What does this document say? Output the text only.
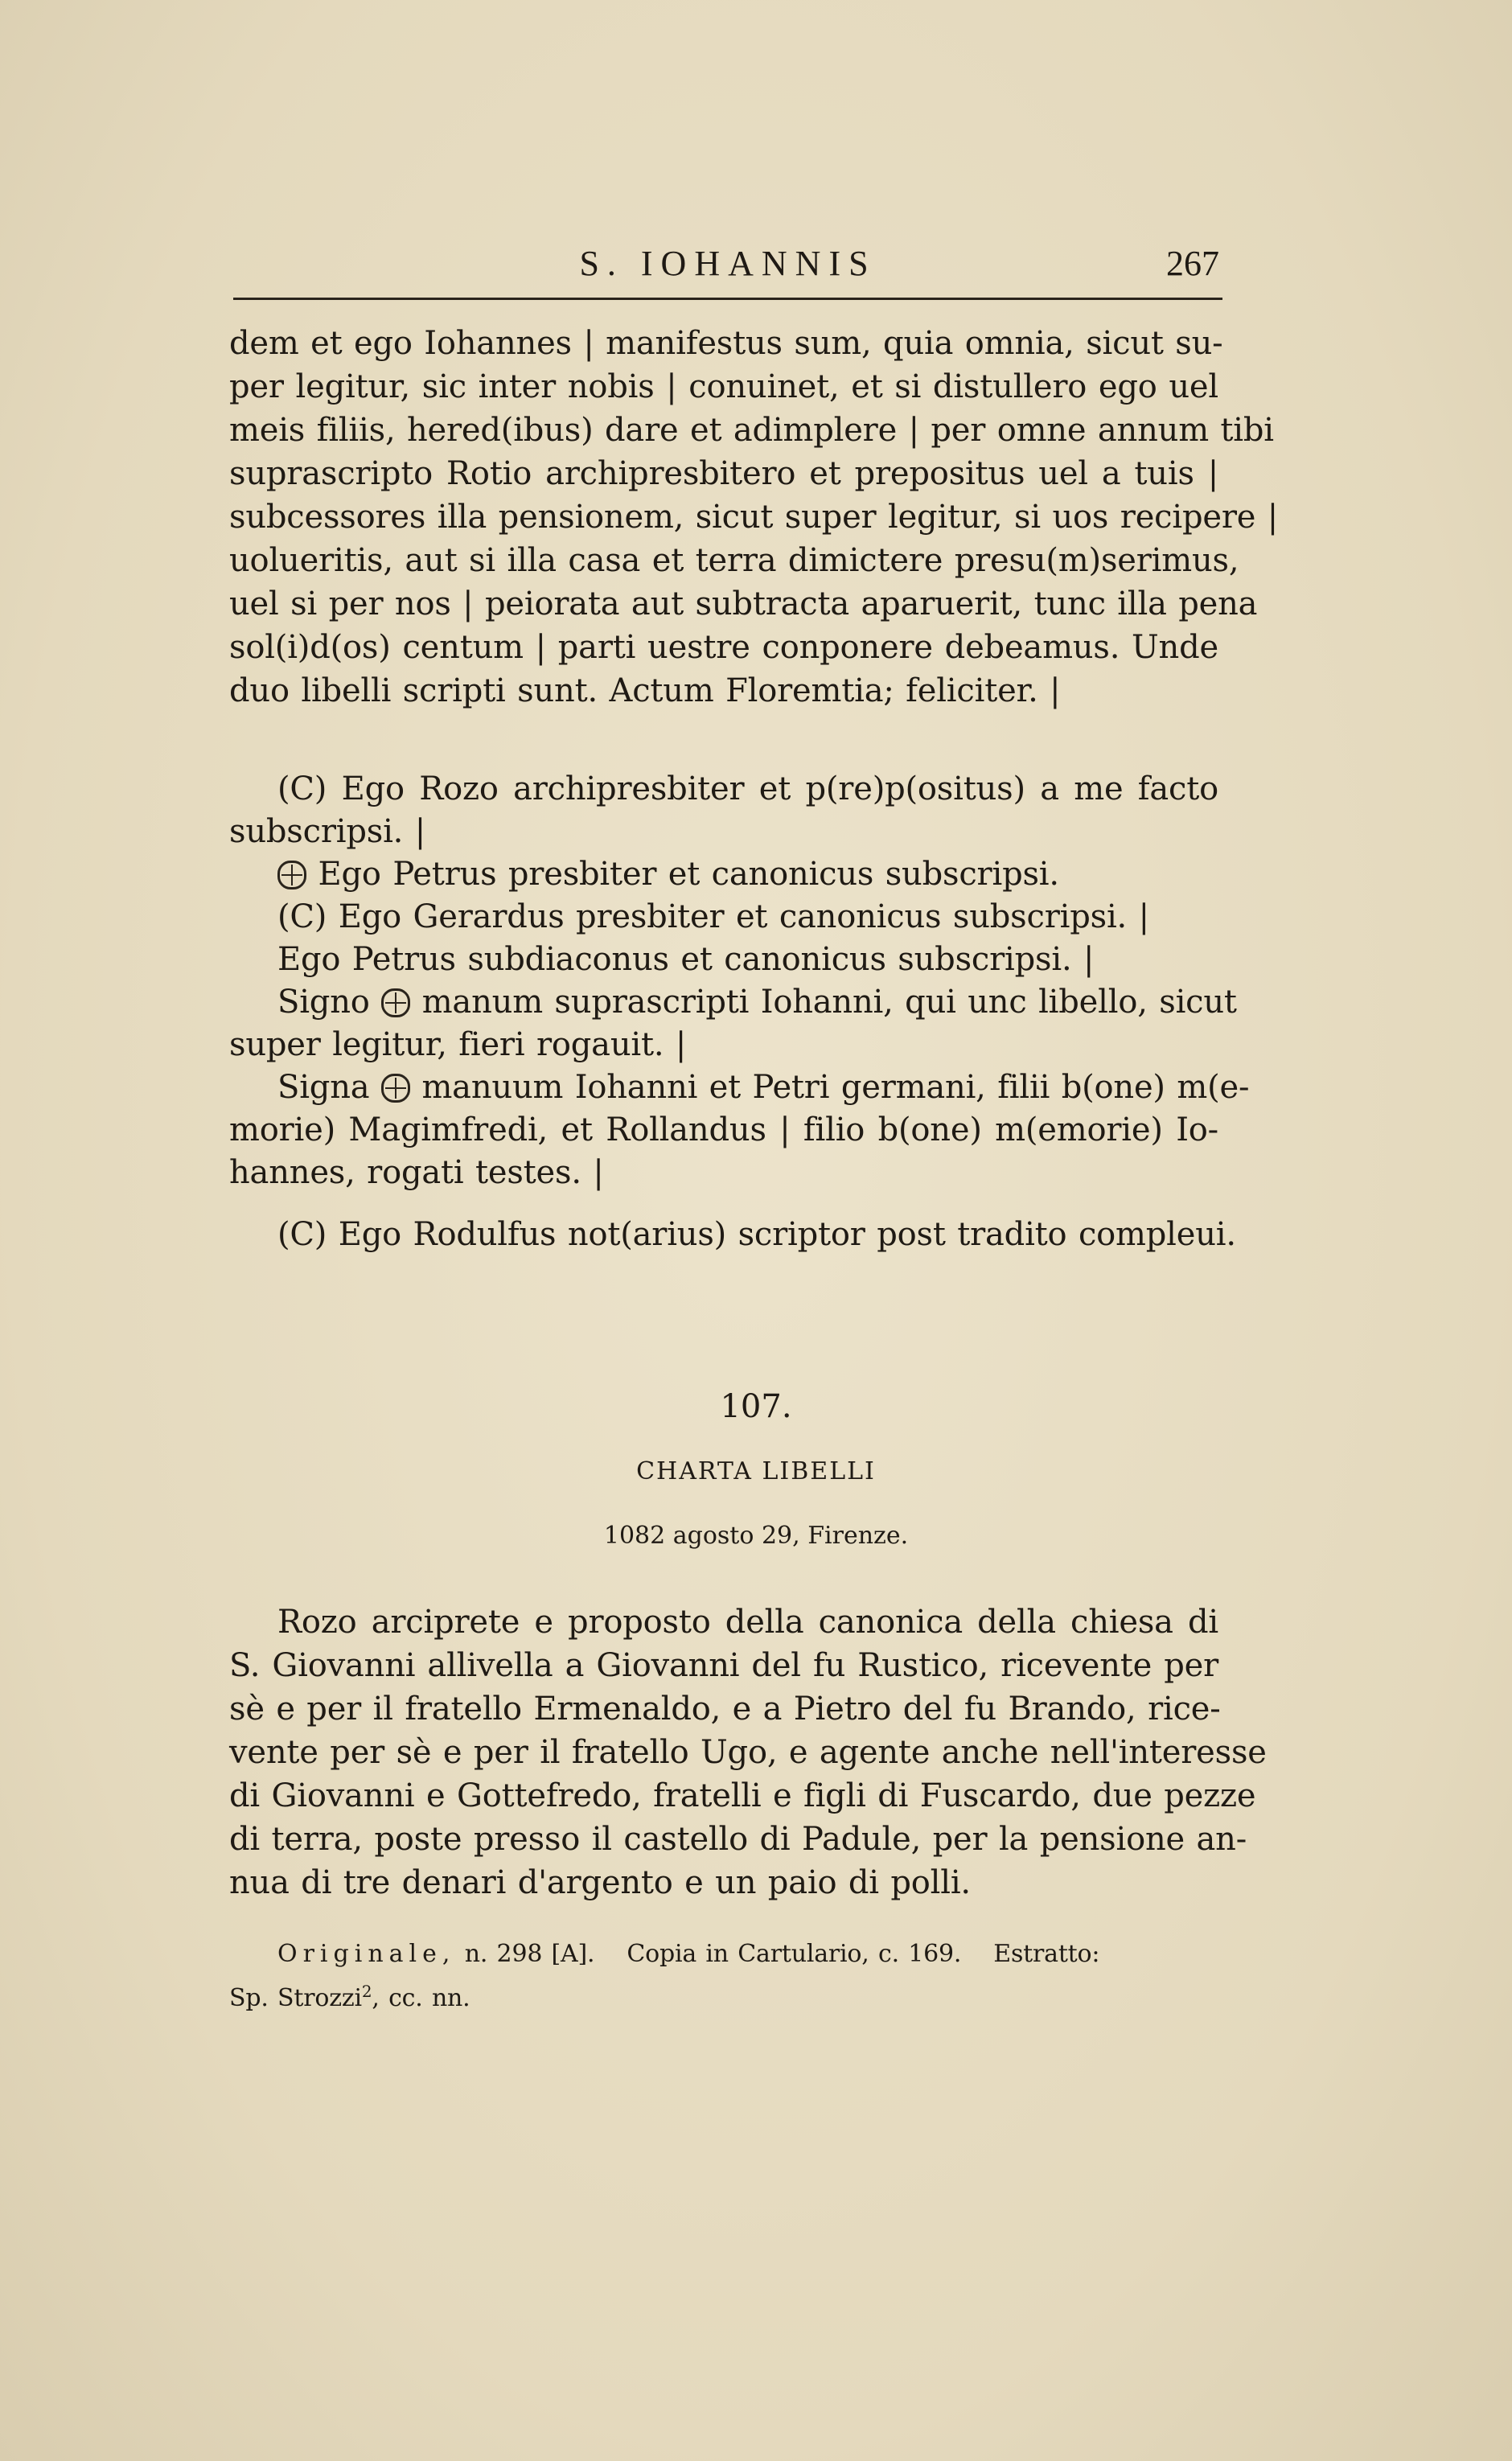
S. IOHANNIS	267
dem et ego Iohannes | manifestus sum, quia omnia, sicut su-
per legitur, sic inter nobis | conuinet, et si distullero ego uel
meis filiis, hered(ibus) dare et adimplere | per omne annum tibi
suprascripto Rotio archipresbitero et prepositus uel a tuis |
subcessores illa pensionem, sicut super legitur, si uos recipere |
uolueritis, aut si illa casa et terra dimictere presu(m)serimus,
uel si per nos | peiorata aut subtracta aparuerit, tunc illa pena
sol(i)d(os) centum | parti uestre conponere debeamus. Unde
duo libelli scripti sunt. Actum Floremtia; feliciter. |
(C) Ego Rozo archipresbiter et p(re)p(ositus) a me facto
subscripsi. |
Ego Petrus presbiter et canonicus subscripsi.
(C) Ego Gerardus presbiter et canonicus subscripsi. |
Ego Petrus subdiaconus et canonicus subscripsi. |
Signo manum suprascripti Iohanni, qui unc libello, sicut
super legitur, fieri rogauit. |
Signa manuum Iohanni et Petri germani, filii b(one) m(e-
morie) Magimfredi, et Rollandus | filio b(one) m(emorie) Io-
hannes, rogati testes. |
(C) Ego Rodulfus not(arius) scriptor post tradito compleui.
107.
CHARTA LIBELLI
1082 agosto 29, Firenze.
Rozo arciprete e proposto della canonica della chiesa di
S. Giovanni allivella a Giovanni del fu Rustico, ricevente per
sè e per il fratello Ermenaldo, e a Pietro del fu Brando, rice-
vente per sè e per il fratello Ugo, e agente anche nell'interesse
di Giovanni e Gottefredo, fratelli e figli di Fuscardo, due pezze
di terra, poste presso il castello di Padule, per la pensione an-
nua di tre denari d'argento e un paio di polli.
Originale, n. 298 [A]. Copia in Cartulario, c. 169. Estratto:
Sp. Strozzi$^2$, cc. nn.
